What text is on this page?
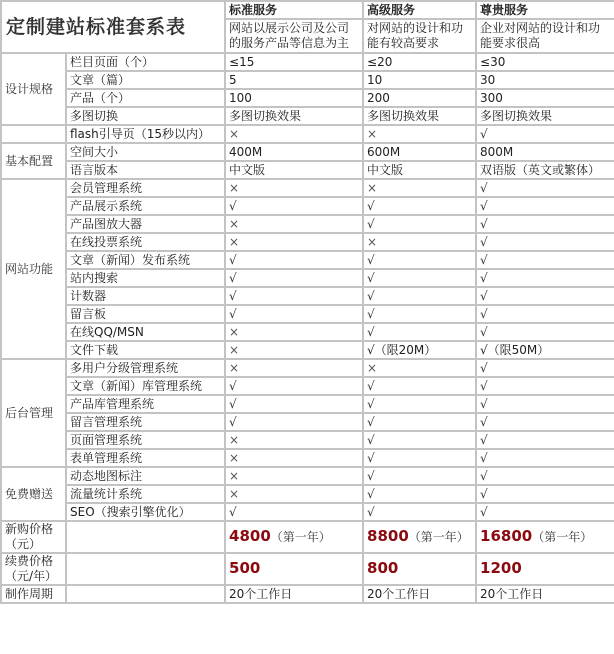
定制建站标准套系表		标准服务	高级服务	尊贵服务
		网站以展示公司及公司的服务产品等信息为主	对网站的设计和功能有较高要求	企业对网站的设计和功能要求很高
设计规格	栏目页面（个）	≤15	≤20	≤30
	文章（篇）	5	10	30
	产品（个）	100	200	300
	多图切换	多图切换效果	多图切换效果	多图切换效果
	flash引导页（15秒以内）	×	×	√
基本配置	空间大小	400M	600M	800M
	语言版本	中文版	中文版	双语版（英文或繁体）
网站功能	会员管理系统	×	×	√
	产品展示系统	√	√	√
	产品图放大器	×	√	√
	在线投票系统	×	×	√
	文章（新闻）发布系统	√	√	√
	站内搜索	√	√	√
	计数器	√	√	√
	留言板	√	√	√
	在线QQ/MSN	×	√	√
	文件下载	×	√（限20M）	√（限50M）
后台管理	多用户分级管理系统	×	×	√
	文章（新闻）库管理系统	√	√	√
	产品库管理系统	√	√	√
	留言管理系统	√	√	√
	页面管理系统	×	√	√
	表单管理系统	×	√	√
免费赠送	动态地图标注	×	√	√
	流量统计系统	×	√	√
	SEO（搜索引擎优化）	√	√	√
新购价格（元）		4800（第一年）	8800（第一年）	16800（第一年）
续费价格（元/年）		500	800	1200
制作周期		20个工作日	20个工作日	20个工作日
